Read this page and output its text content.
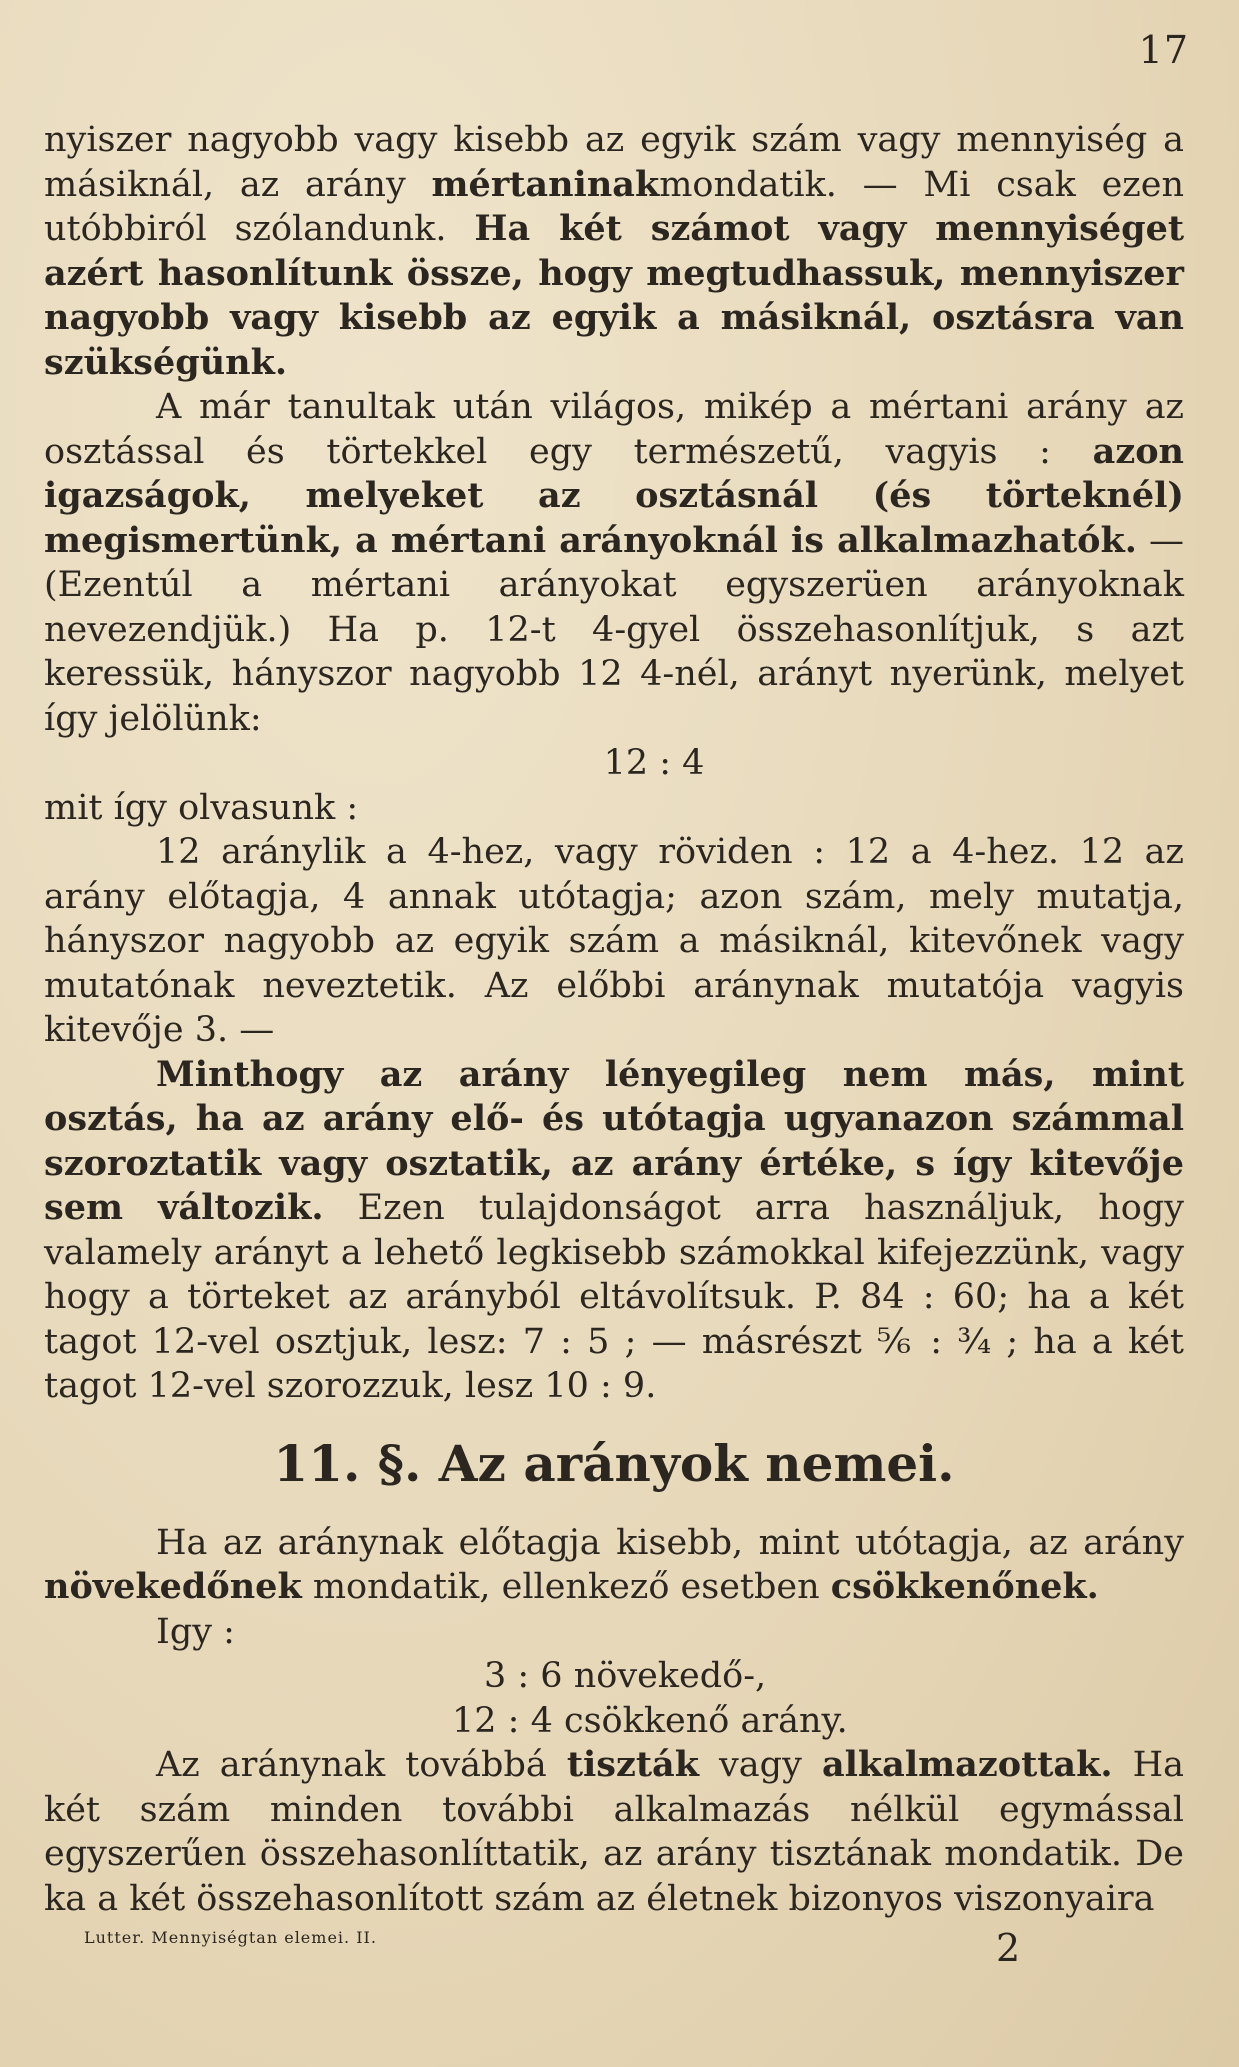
17

nyiszer nagyobb vagy kisebb az egyik szám vagy mennyiség a másiknál, az arány mértaninakmondatik. — Mi csak ezen utóbbiról szólandunk. Ha két számot vagy mennyiséget azért hasonlítunk össze, hogy megtudhassuk, mennyiszer nagyobb vagy kisebb az egyik a másiknál, osztásra van szükségünk.

A már tanultak után világos, mikép a mértani arány az osztással és törtekkel egy természetű, vagyis : azon igazságok, melyeket az osztásnál (és törteknél) megismertünk, a mértani arányoknál is alkalmazhatók. — (Ezentúl a mértani arányokat egyszerüen arányoknak nevezendjük.) Ha p. 12-t 4-gyel összehasonlítjuk, s azt keressük, hányszor nagyobb 12 4-nél, arányt nyerünk, melyet így jelölünk:

12 : 4

mit így olvasunk :

12 aránylik a 4-hez, vagy röviden : 12 a 4-hez. 12 az arány előtagja, 4 annak utótagja; azon szám, mely mutatja, hányszor nagyobb az egyik szám a másiknál, kitevőnek vagy mutatónak neveztetik. Az előbbi aránynak mutatója vagyis kitevője 3. —

Minthogy az arány lényegileg nem más, mint osztás, ha az arány elő- és utótagja ugyanazon számmal szoroztatik vagy osztatik, az arány értéke, s így kitevője sem változik. Ezen tulajdonságot arra használjuk, hogy valamely arányt a lehető legkisebb számokkal kifejezzünk, vagy hogy a törteket az arányból eltávolítsuk. P. 84 : 60; ha a két tagot 12-vel osztjuk, lesz: 7 : 5 ; — másrészt ⅚ : ¾ ; ha a két tagot 12-vel szorozzuk, lesz 10 : 9.

11. §. Az arányok nemei.

Ha az aránynak előtagja kisebb, mint utótagja, az arány növekedőnek mondatik, ellenkező esetben csökkenőnek.

Igy :

3 : 6 növekedő-,

12 : 4 csökkenő arány.

Az aránynak továbbá tiszták vagy alkalmazottak. Ha két szám minden további alkalmazás nélkül egymással egyszerűen összehasonlíttatik, az arány tisztának mondatik. De ka a két összehasonlított szám az életnek bizonyos viszonyaira

Lutter. Mennyiségtan elemei. II.	2
